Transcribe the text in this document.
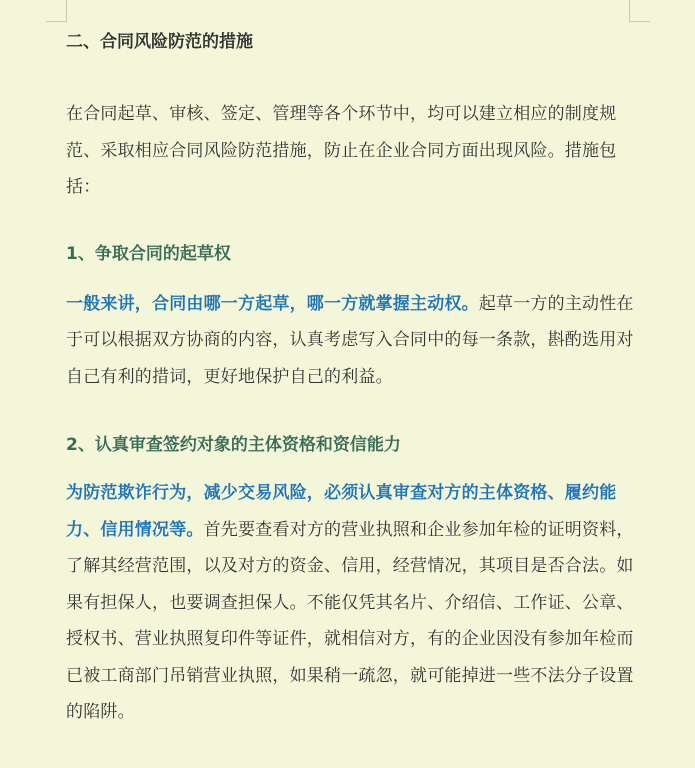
二、合同风险防范的措施

在合同起草、审核、签定、管理等各个环节中，均可以建立相应的制度规范、采取相应合同风险防范措施，防止在企业合同方面出现风险。措施包括：

1、争取合同的起草权

一般来讲，合同由哪一方起草，哪一方就掌握主动权。起草一方的主动性在于可以根据双方协商的内容，认真考虑写入合同中的每一条款，斟酌选用对自己有利的措词，更好地保护自己的利益。

2、认真审查签约对象的主体资格和资信能力

为防范欺诈行为，减少交易风险，必须认真审查对方的主体资格、履约能力、信用情况等。首先要查看对方的营业执照和企业参加年检的证明资料，了解其经营范围，以及对方的资金、信用，经营情况，其项目是否合法。如果有担保人，也要调查担保人。不能仅凭其名片、介绍信、工作证、公章、授权书、营业执照复印件等证件，就相信对方，有的企业因没有参加年检而已被工商部门吊销营业执照，如果稍一疏忽，就可能掉进一些不法分子设置的陷阱。
